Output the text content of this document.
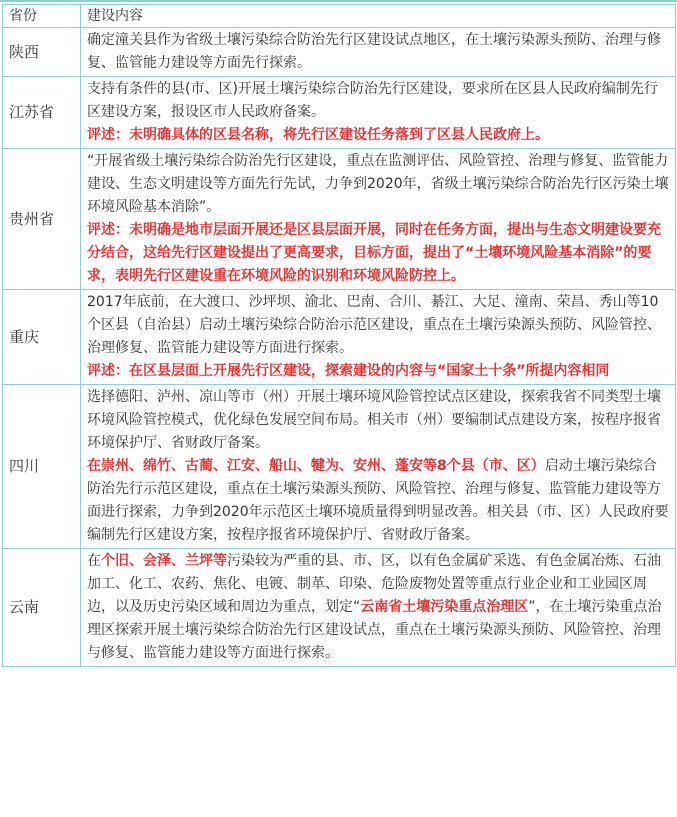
省份	建设内容
陕西	确定潼关县作为省级土壤污染综合防治先行区建设试点地区，在土壤污染源头预防、治理与修复、监管能力建设等方面先行探索。

江苏省	支持有条件的县(市、区)开展土壤污染综合防治先行区建设，要求所在区县人民政府编制先行区建设方案，报设区市人民政府备案。

评述：未明确具体的区县名称，将先行区建设任务落到了区县人民政府上。

贵州省	“开展省级土壤污染综合防治先行区建设，重点在监测评估、风险管控、治理与修复、监管能力建设、生态文明建设等方面先行先试，力争到2020年，省级土壤污染综合防治先行区污染土壤环境风险基本消除”。

评述：未明确是地市层面开展还是区县层面开展，同时在任务方面，提出与生态文明建设要充分结合，这给先行区建设提出了更高要求，目标方面，提出了“土壤环境风险基本消除”的要求，表明先行区建设重在环境风险的识别和环境风险防控上。

重庆	2017年底前，在大渡口、沙坪坝、渝北、巴南、合川、綦江、大足、潼南、荣昌、秀山等10个区县（自治县）启动土壤污染综合防治示范区建设，重点在土壤污染源头预防、风险管控、治理修复、监管能力建设等方面进行探索。

评述：在区县层面上开展先行区建设，探索建设的内容与“国家土十条”所提内容相同

四川	选择德阳、泸州、凉山等市（州）开展土壤环境风险管控试点区建设，探索我省不同类型土壤环境风险管控模式，优化绿色发展空间布局。相关市（州）要编制试点建设方案，按程序报省环境保护厅、省财政厅备案。

在崇州、绵竹、古蔺、江安、船山、犍为、安州、蓬安等8个县（市、区）启动土壤污染综合防治先行示范区建设，重点在土壤污染源头预防、风险管控、治理与修复、监管能力建设等方面进行探索，力争到2020年示范区土壤环境质量得到明显改善。相关县（市、区）人民政府要编制先行区建设方案，按程序报省环境保护厅、省财政厅备案。

云南	在个旧、会泽、兰坪等污染较为严重的县、市、区，以有色金属矿采选、有色金属冶炼、石油加工、化工、农药、焦化、电镀、制革、印染、危险废物处置等重点行业企业和工业园区周边，以及历史污染区域和周边为重点，划定“云南省土壤污染重点治理区”，在土壤污染重点治理区探索开展土壤污染综合防治先行区建设试点，重点在土壤污染源头预防、风险管控、治理与修复、监管能力建设等方面进行探索。
